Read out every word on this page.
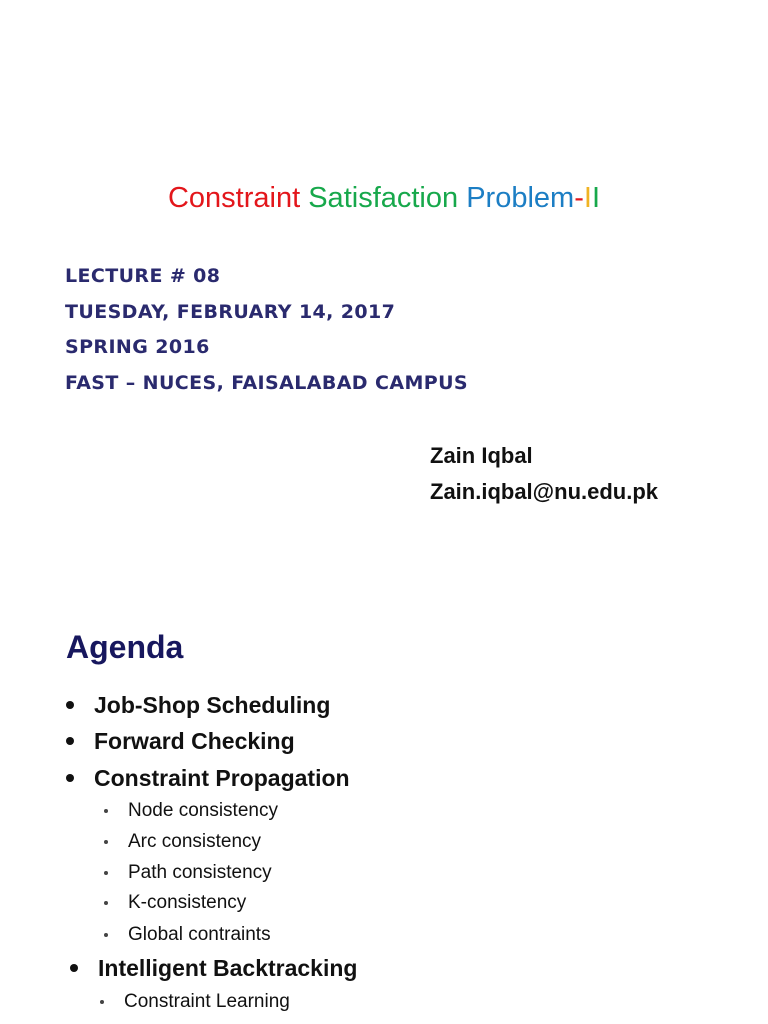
Constraint Satisfaction Problem-II
LECTURE # 08
TUESDAY, FEBRUARY 14, 2017
SPRING 2016
FAST – NUCES, FAISALABAD CAMPUS
Zain Iqbal
Zain.iqbal@nu.edu.pk
Agenda
Job-Shop Scheduling
Forward Checking
Constraint Propagation
Node consistency
Arc consistency
Path consistency
K-consistency
Global contraints
Intelligent Backtracking
Constraint Learning
